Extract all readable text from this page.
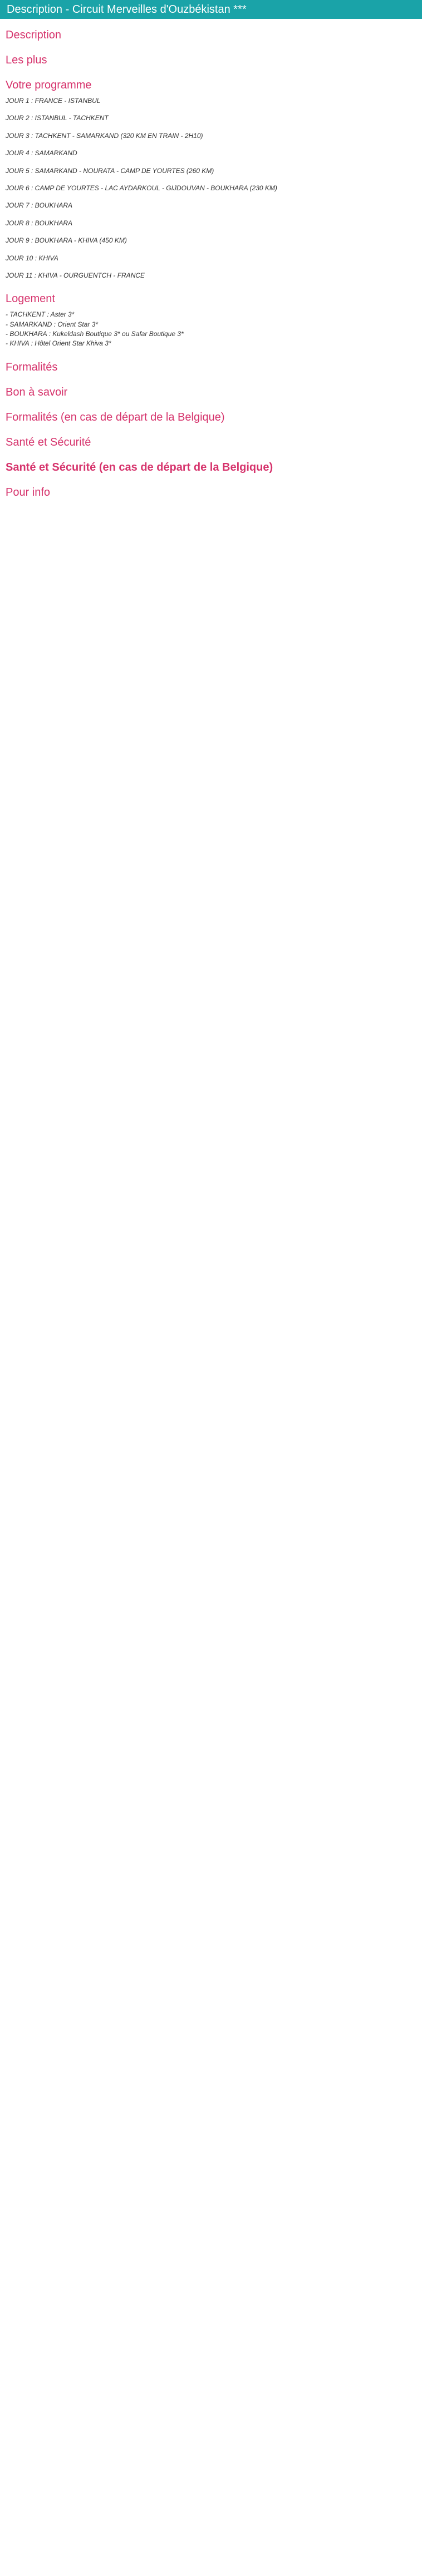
Description - Circuit Merveilles d'Ouzbékistan ***

Description
Les plus
Votre programme
JOUR 1 : FRANCE - ISTANBUL
JOUR 2 : ISTANBUL - TACHKENT
JOUR 3 : TACHKENT - SAMARKAND (320 KM EN TRAIN - 2H10)
JOUR 4 : SAMARKAND
JOUR 5 : SAMARKAND - NOURATA - CAMP DE YOURTES (260 KM)
JOUR 6 : CAMP DE YOURTES - LAC AYDARKOUL - GIJDOUVAN - BOUKHARA (230 KM)
JOUR 7 : BOUKHARA
JOUR 8 : BOUKHARA
JOUR 9 : BOUKHARA - KHIVA (450 KM)
JOUR 10 : KHIVA
JOUR 11 : KHIVA - OURGUENTCH - FRANCE
Logement
- TACHKENT : Aster 3*
- SAMARKAND : Orient Star 3*
- BOUKHARA : Kukeldash Boutique 3* ou Safar Boutique 3*
- KHIVA : Hôtel Orient Star Khiva 3*
Formalités
Bon à savoir
Formalités (en cas de départ de la Belgique)
Santé et Sécurité
Santé et Sécurité (en cas de départ de la Belgique)
Pour info
